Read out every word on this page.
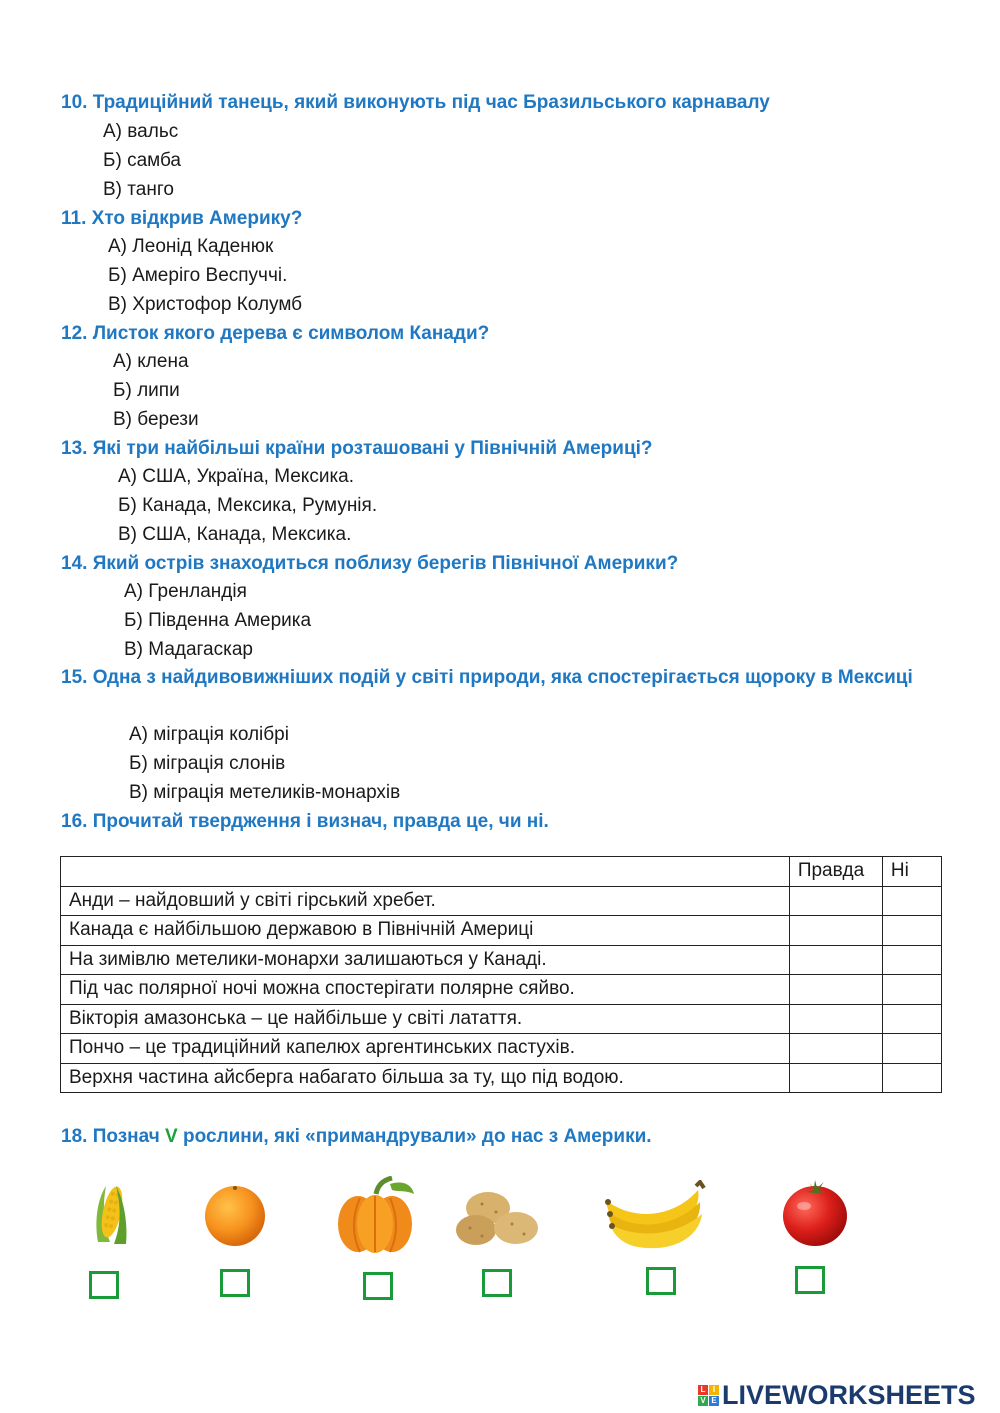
10. Традиційний танець, який виконують під час Бразильського карнавалу
А) вальс
Б) самба
В) танго
11. Хто відкрив Америку?
А) Леонід Каденюк
Б) Амеріго Веспуччі.
В) Христофор Колумб
12. Листок якого дерева є символом Канади?
А) клена
Б) липи
В) берези
13. Які три найбільші країни розташовані у Північній Америці?
А) США, Україна, Мексика.
Б) Канада, Мексика, Румунія.
В) США, Канада, Мексика.
14. Який острів знаходиться поблизу берегів Північної Америки?
А) Гренландія
Б) Південна Америка
В) Мадагаскар
15. Одна з найдивовижніших подій у світі природи, яка спостерігається щороку в Мексиці
А) міграція колібрі
Б) міграція слонів
В) міграція метеликів-монархів
16. Прочитай твердження і визнач, правда це, чи ні.
	Правда	Ні
Анди – найдовший у світі гірський хребет.		
Канада є найбільшою державою в Північній Америці		
На зимівлю метелики-монархи залишаються у Канаді.		
Під час полярної ночі можна спостерігати полярне сяйво.		
Вікторія амазонська – це найбільше у світі латаття.		
Пончо – це традиційний капелюх аргентинських пастухів.		
Верхня частина айсберга набагато більша за ту, що під водою.		
18. Познач V рослини, які «примандрували» до нас з Америки.
L I
V E LIVEWORKSHEETS
